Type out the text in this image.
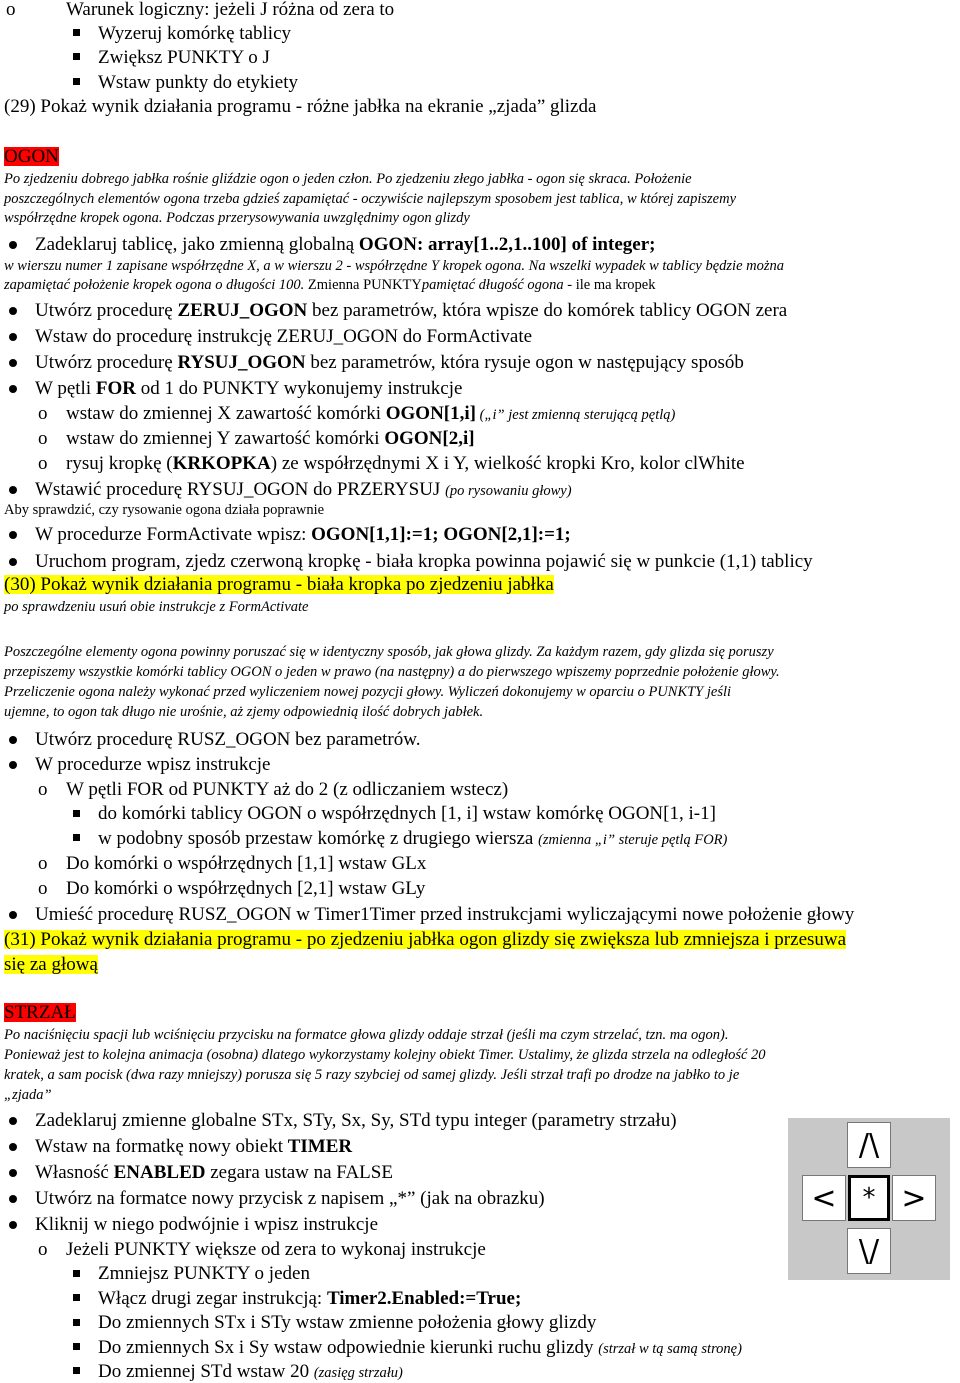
o	Warunek logiczny: jeżeli J różna od zera to
Wyzeruj komórkę tablicy
Zwiększ PUNKTY o J
Wstaw punkty do etykiety
(29) Pokaż wynik działania programu - różne jabłka na ekranie „zjada” glizda
OGON
Po zjedzeniu dobrego jabłka rośnie gliździe ogon o jeden człon. Po zjedzeniu złego jabłka - ogon się skraca. Położenie
poszczególnych elementów ogona trzeba gdzieś zapamiętać - oczywiście najlepszym sposobem jest tablica, w której zapiszemy
współrzędne kropek ogona. Podczas przerysowywania uwzględnimy ogon glizdy
Zadeklaruj tablicę, jako zmienną globalną OGON: array[1..2,1..100] of integer;
w wierszu numer 1 zapisane współrzędne X, a w wierszu 2 - współrzędne Y kropek ogona. Na wszelki wypadek w tablicy będzie można
zapamiętać położenie kropek ogona o długości 100. Zmienna PUNKTYpamiętać długość ogona - ile ma kropek
Utwórz procedurę ZERUJ_OGON bez parametrów, która wpisze do komórek tablicy OGON zera
Wstaw do procedurę instrukcję ZERUJ_OGON do FormActivate
Utwórz procedurę RYSUJ_OGON bez parametrów, która rysuje ogon w następujący sposób
W pętli FOR od 1 do PUNKTY wykonujemy instrukcje
o wstaw do zmiennej X zawartość komórki OGON[1,i] („i” jest zmienną sterującą pętlą)
o wstaw do zmiennej Y zawartość komórki OGON[2,i]
o rysuj kropkę (KRKOPKA) ze współrzędnymi X i Y, wielkość kropki Kro, kolor clWhite
Wstawić procedurę RYSUJ_OGON do PRZERYSUJ (po rysowaniu głowy)
Aby sprawdzić, czy rysowanie ogona działa poprawnie
W procedurze FormActivate wpisz: OGON[1,1]:=1; OGON[2,1]:=1;
Uruchom program, zjedz czerwoną kropkę - biała kropka powinna pojawić się w punkcie (1,1) tablicy
(30) Pokaż wynik działania programu - biała kropka po zjedzeniu jabłka
po sprawdzeniu usuń obie instrukcje z FormActivate
Poszczególne elementy ogona powinny poruszać się w identyczny sposób, jak głowa glizdy. Za każdym razem, gdy glizda się poruszy
przepiszemy wszystkie komórki tablicy OGON o jeden w prawo (na następny) a do pierwszego wpiszemy poprzednie położenie głowy.
Przeliczenie ogona należy wykonać przed wyliczeniem nowej pozycji głowy. Wyliczeń dokonujemy w oparciu o PUNKTY jeśli
ujemne, to ogon tak długo nie urośnie, aż zjemy odpowiednią ilość dobrych jabłek.
Utwórz procedurę RUSZ_OGON bez parametrów.
W procedurze wpisz instrukcje
o W pętli FOR od PUNKTY aż do 2 (z odliczaniem wstecz)
do komórki tablicy OGON o współrzędnych [1, i] wstaw komórkę OGON[1, i-1]
w podobny sposób przestaw komórkę z drugiego wiersza (zmienna „i” steruje pętlą FOR)
o Do komórki o współrzędnych [1,1] wstaw GLx
o Do komórki o współrzędnych [2,1] wstaw GLy
Umieść procedurę RUSZ_OGON w Timer1Timer przed instrukcjami wyliczającymi nowe położenie głowy
(31) Pokaż wynik działania programu - po zjedzeniu jabłka ogon glizdy się zwiększa lub zmniejsza i przesuwa
się za głową
STRZAŁ
Po naciśnięciu spacji lub wciśnięciu przycisku na formatce głowa glizdy oddaje strzał (jeśli ma czym strzelać, tzn. ma ogon).
Ponieważ jest to kolejna animacja (osobna) dlatego wykorzystamy kolejny obiekt Timer. Ustalimy, że glizda strzela na odległość 20
kratek, a sam pocisk (dwa razy mniejszy) porusza się 5 razy szybciej od samej glizdy. Jeśli strzał trafi po drodze na jabłko to je
„zjada”
Zadeklaruj zmienne globalne STx, STy, Sx, Sy, STd typu integer (parametry strzału)
Wstaw na formatkę nowy obiekt TIMER
Własność ENABLED zegara ustaw na FALSE
Utwórz na formatce nowy przycisk z napisem „*” (jak na obrazku)
Kliknij w niego podwójnie i wpisz instrukcje
o Jeżeli PUNKTY większe od zera to wykonaj instrukcje
Zmniejsz PUNKTY o jeden
Włącz drugi zegar instrukcją: Timer2.Enabled:=True;
Do zmiennych STx i STy wstaw zmienne położenia głowy glizdy
Do zmiennych Sx i Sy wstaw odpowiednie kierunki ruchu glizdy (strzał w tą samą stronę)
Do zmiennej STd wstaw 20 (zasięg strzału)
/\
< * >
\/
